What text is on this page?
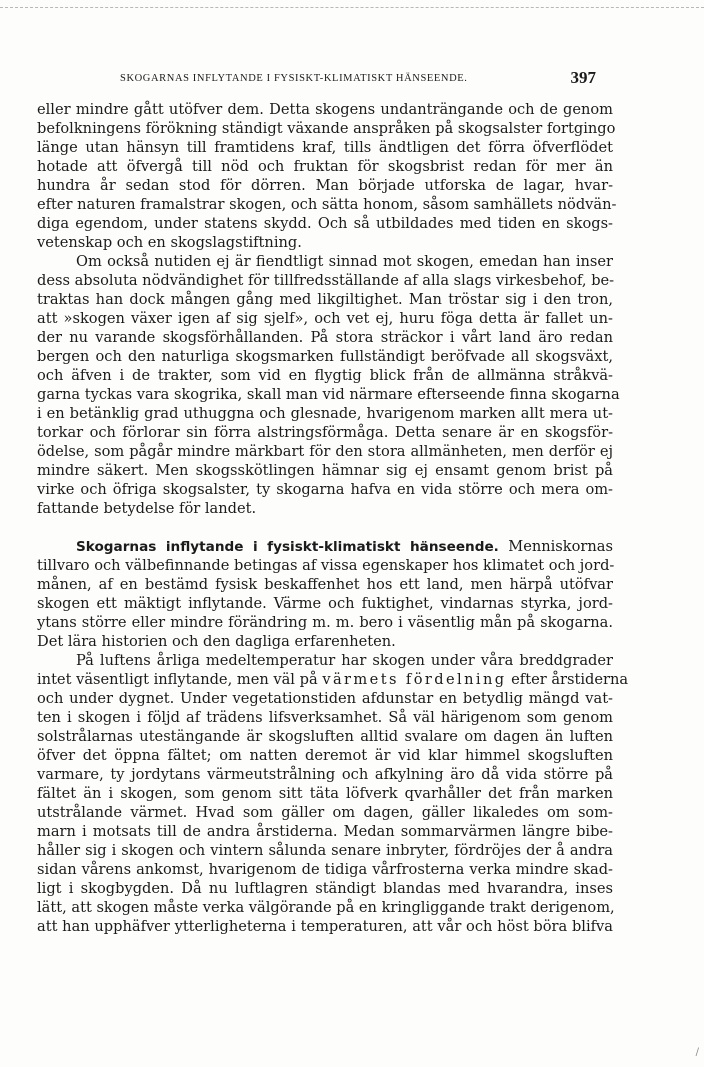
SKOGARNAS INFLYTANDE I FYSISKT-KLIMATISKT HÄNSEENDE.	397
eller mindre gått utöfver dem. Detta skogens undanträngande och de genom
befolkningens förökning ständigt växande anspråken på skogsalster fortgingo
länge utan hänsyn till framtidens kraf, tills ändtligen det förra öfverflödet
hotade att öfvergå till nöd och fruktan för skogsbrist redan för mer än
hundra år sedan stod för dörren. Man började utforska de lagar, hvar-
efter naturen framalstrar skogen, och sätta honom, såsom samhällets nödvän-
diga egendom, under statens skydd. Och så utbildades med tiden en skogs-
vetenskap och en skogslagstiftning.
Om också nutiden ej är fiendtligt sinnad mot skogen, emedan han inser
dess absoluta nödvändighet för tillfredsställande af alla slags virkesbehof, be-
traktas han dock mången gång med likgiltighet. Man tröstar sig i den tron,
att »skogen växer igen af sig sjelf», och vet ej, huru föga detta är fallet un-
der nu varande skogsförhållanden. På stora sträckor i vårt land äro redan
bergen och den naturliga skogsmarken fullständigt beröfvade all skogsväxt,
och äfven i de trakter, som vid en flygtig blick från de allmänna stråkvä-
garna tyckas vara skogrika, skall man vid närmare efterseende finna skogarna
i en betänklig grad uthuggna och glesnade, hvarigenom marken allt mera ut-
torkar och förlorar sin förra alstringsförmåga. Detta senare är en skogsför-
ödelse, som pågår mindre märkbart för den stora allmänheten, men derför ej
mindre säkert. Men skogsskötlingen hämnar sig ej ensamt genom brist på
virke och öfriga skogsalster, ty skogarna hafva en vida större och mera om-
fattande betydelse för landet.
Skogarnas inflytande i fysiskt-klimatiskt hänseende. Menniskornas
tillvaro och välbefinnande betingas af vissa egenskaper hos klimatet och jord-
månen, af en bestämd fysisk beskaffenhet hos ett land, men härpå utöfvar
skogen ett mäktigt inflytande. Värme och fuktighet, vindarnas styrka, jord-
ytans större eller mindre förändring m. m. bero i väsentlig mån på skogarna.
Det lära historien och den dagliga erfarenheten.
På luftens årliga medeltemperatur har skogen under våra breddgrader
intet väsentligt inflytande, men väl på värmets fördelning efter årstiderna
och under dygnet. Under vegetationstiden afdunstar en betydlig mängd vat-
ten i skogen i följd af trädens lifsverksamhet. Så väl härigenom som genom
solstrålarnas utestängande är skogsluften alltid svalare om dagen än luften
öfver det öppna fältet; om natten deremot är vid klar himmel skogsluften
varmare, ty jordytans värmeutstrålning och afkylning äro då vida större på
fältet än i skogen, som genom sitt täta löfverk qvarhåller det från marken
utstrålande värmet. Hvad som gäller om dagen, gäller likaledes om som-
marn i motsats till de andra årstiderna. Medan sommarvärmen längre bibe-
håller sig i skogen och vintern sålunda senare inbryter, fördröjes der å andra
sidan vårens ankomst, hvarigenom de tidiga vårfrosterna verka mindre skad-
ligt i skogbygden. Då nu luftlagren ständigt blandas med hvarandra, inses
lätt, att skogen måste verka välgörande på en kringliggande trakt derigenom,
att han upphäfver ytterligheterna i temperaturen, att vår och höst böra blifva
/
